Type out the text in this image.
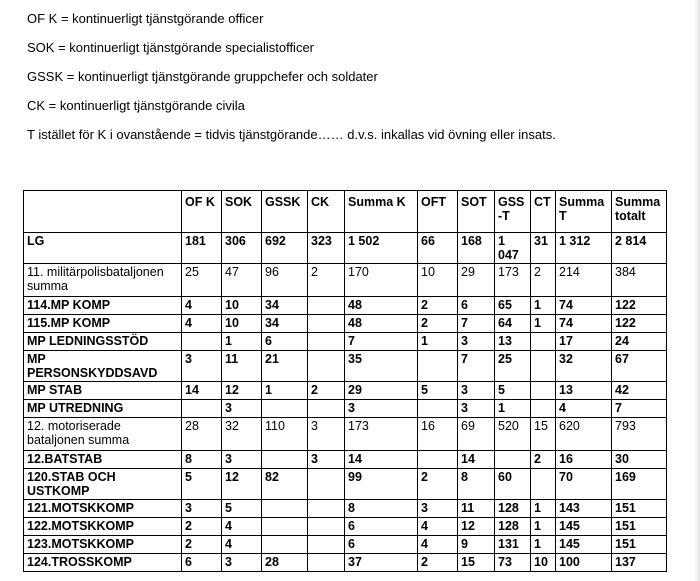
OF K = kontinuerligt tjänstgörande officer
SOK = kontinuerligt tjänstgörande specialistofficer
GSSK = kontinuerligt tjänstgörande gruppchefer och soldater
CK = kontinuerligt tjänstgörande civila
T istället för K i ovanstående = tidvis tjänstgörande…… d.v.s. inkallas vid övning eller insats.
	OF K	SOK	GSSK	CK	Summa K	OFT	SOT	GSS-T	CT	Summa T	Summa totalt
LG	181	306	692	323	1 502	66	168	1 047	31	1 312	2 814
11. militärpolisbataljonen summa	25	47	96	2	170	10	29	173	2	214	384
114.MP KOMP	4	10	34		48	2	6	65	1	74	122
115.MP KOMP	4	10	34		48	2	7	64	1	74	122
MP LEDNINGSSTÖD		1	6		7	1	3	13		17	24
MP PERSONSKYDDSAVD	3	11	21		35		7	25		32	67
MP STAB	14	12	1	2	29	5	3	5		13	42
MP UTREDNING		3			3		3	1		4	7
12. motoriserade bataljonen summa	28	32	110	3	173	16	69	520	15	620	793
12.BATSTAB	8	3		3	14		14		2	16	30
120.STAB OCH USTKOMP	5	12	82		99	2	8	60		70	169
121.MOTSKKOMP	3	5			8	3	11	128	1	143	151
122.MOTSKKOMP	2	4			6	4	12	128	1	145	151
123.MOTSKKOMP	2	4			6	4	9	131	1	145	151
124.TROSSKOMP	6	3	28		37	2	15	73	10	100	137
